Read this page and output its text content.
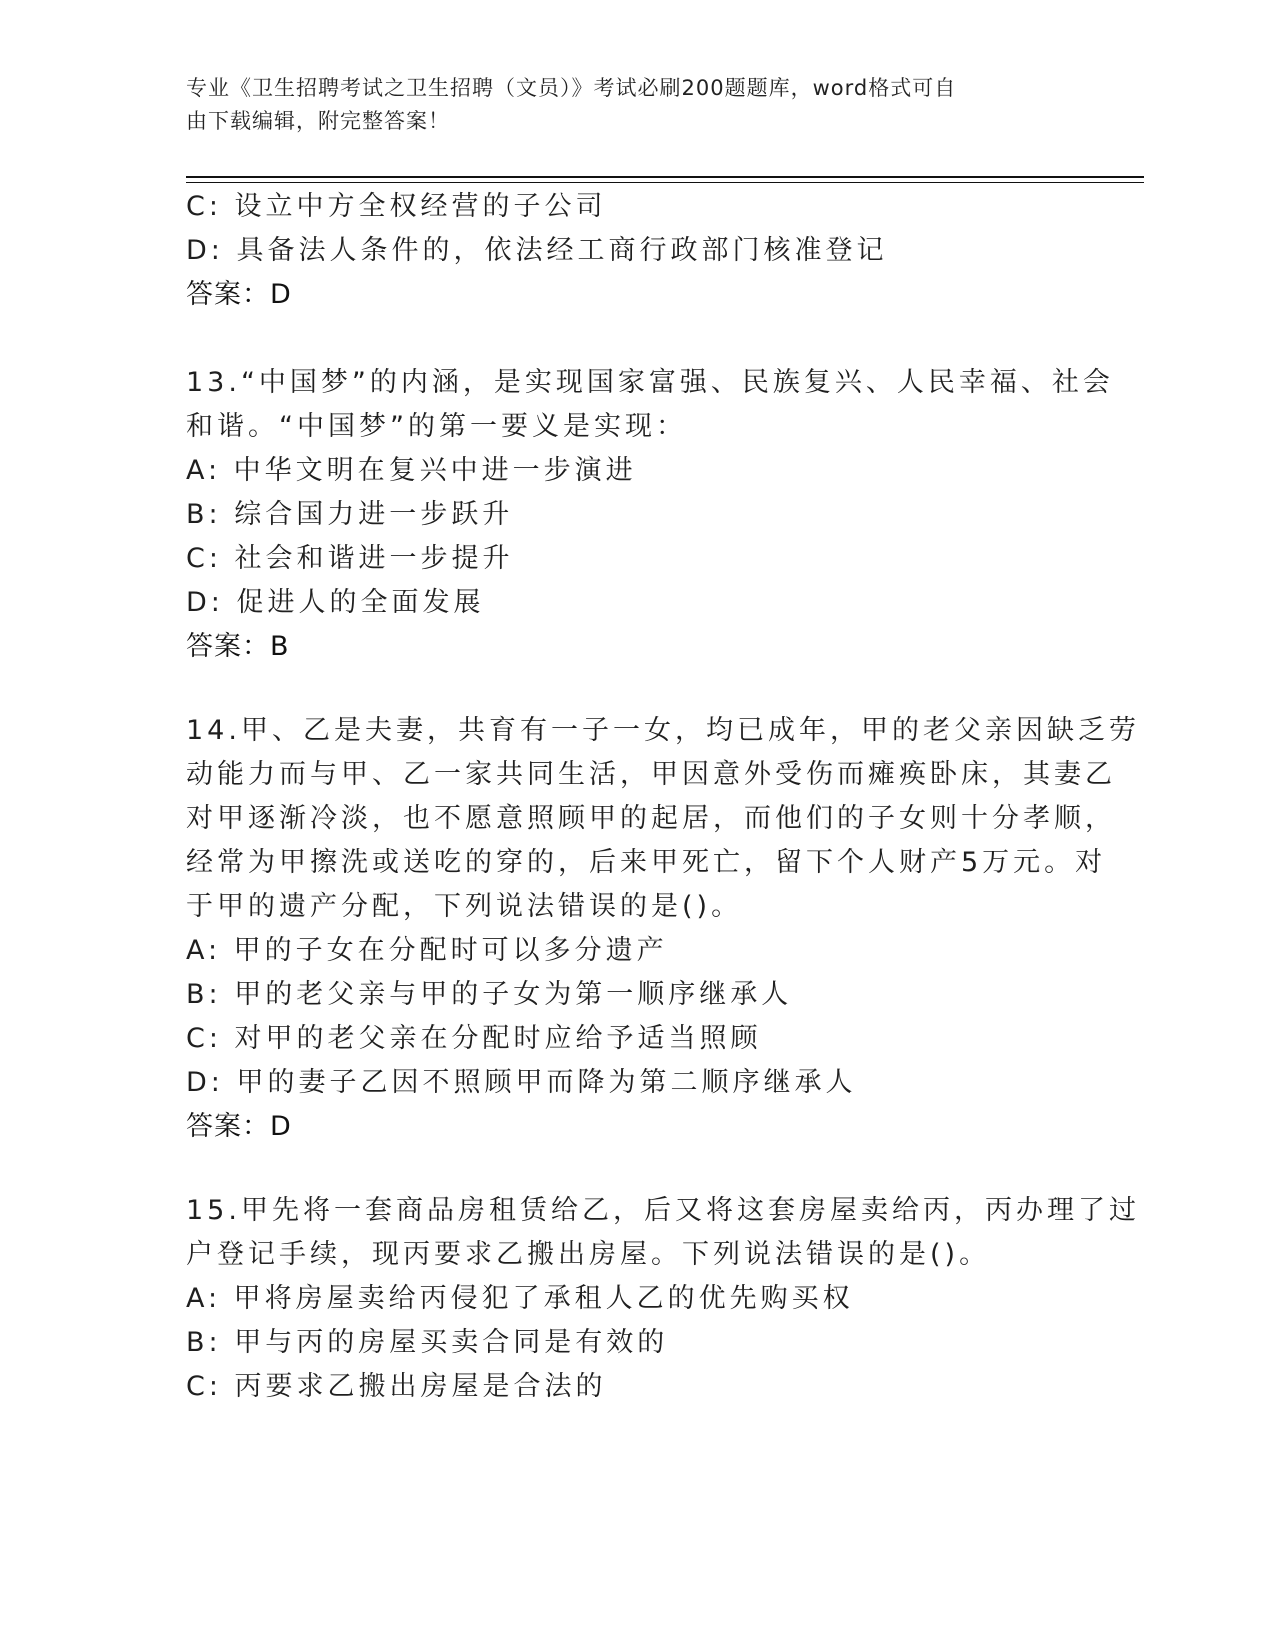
专业《卫生招聘考试之卫生招聘（文员）》考试必刷200题题库，word格式可自
由下载编辑，附完整答案！
C: 设立中方全权经营的子公司
D: 具备法人条件的，依法经工商行政部门核准登记
答案：D
13.“中国梦”的内涵，是实现国家富强、民族复兴、人民幸福、社会
和谐。“中国梦”的第一要义是实现：
A: 中华文明在复兴中进一步演进
B: 综合国力进一步跃升
C: 社会和谐进一步提升
D: 促进人的全面发展
答案：B
14.甲、乙是夫妻，共育有一子一女，均已成年，甲的老父亲因缺乏劳
动能力而与甲、乙一家共同生活，甲因意外受伤而瘫痪卧床，其妻乙
对甲逐渐冷淡，也不愿意照顾甲的起居，而他们的子女则十分孝顺，
经常为甲擦洗或送吃的穿的，后来甲死亡，留下个人财产5万元。对
于甲的遗产分配，下列说法错误的是()。
A: 甲的子女在分配时可以多分遗产
B: 甲的老父亲与甲的子女为第一顺序继承人
C: 对甲的老父亲在分配时应给予适当照顾
D: 甲的妻子乙因不照顾甲而降为第二顺序继承人
答案：D
15.甲先将一套商品房租赁给乙，后又将这套房屋卖给丙，丙办理了过
户登记手续，现丙要求乙搬出房屋。下列说法错误的是()。
A: 甲将房屋卖给丙侵犯了承租人乙的优先购买权
B: 甲与丙的房屋买卖合同是有效的
C: 丙要求乙搬出房屋是合法的
